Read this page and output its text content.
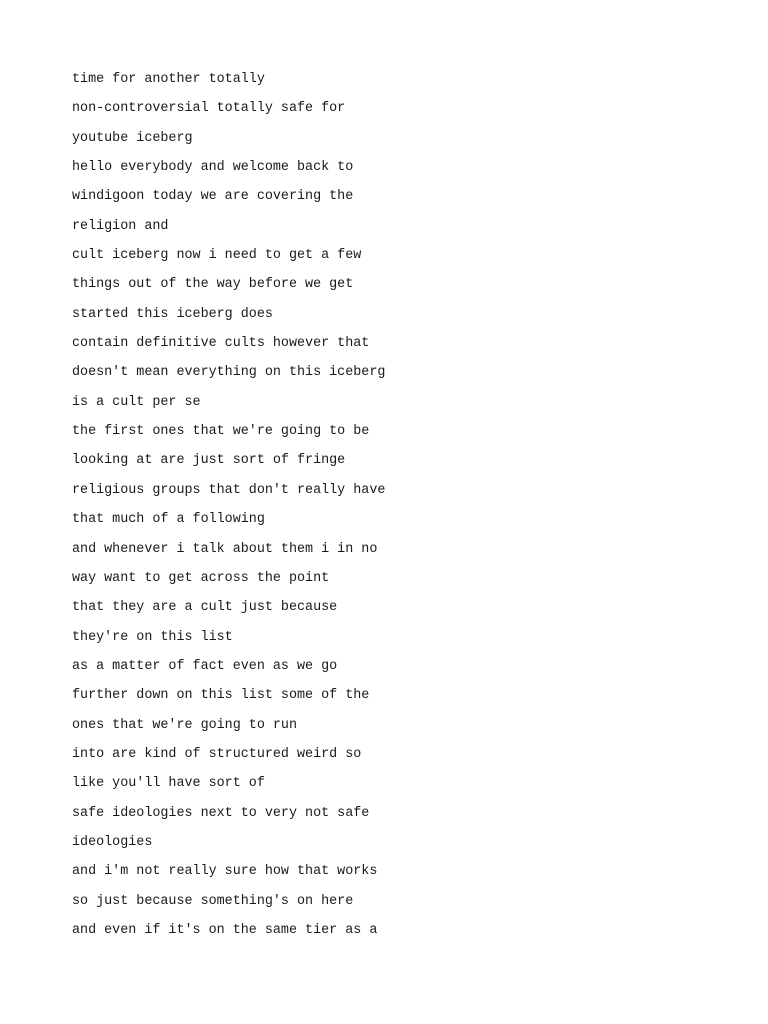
time for another totally
non-controversial totally safe for
youtube iceberg
hello everybody and welcome back to
windigoon today we are covering the
religion and
cult iceberg now i need to get a few
things out of the way before we get
started this iceberg does
contain definitive cults however that
doesn't mean everything on this iceberg
is a cult per se
the first ones that we're going to be
looking at are just sort of fringe
religious groups that don't really have
that much of a following
and whenever i talk about them i in no
way want to get across the point
that they are a cult just because
they're on this list
as a matter of fact even as we go
further down on this list some of the
ones that we're going to run
into are kind of structured weird so
like you'll have sort of
safe ideologies next to very not safe
ideologies
and i'm not really sure how that works
so just because something's on here
and even if it's on the same tier as a
